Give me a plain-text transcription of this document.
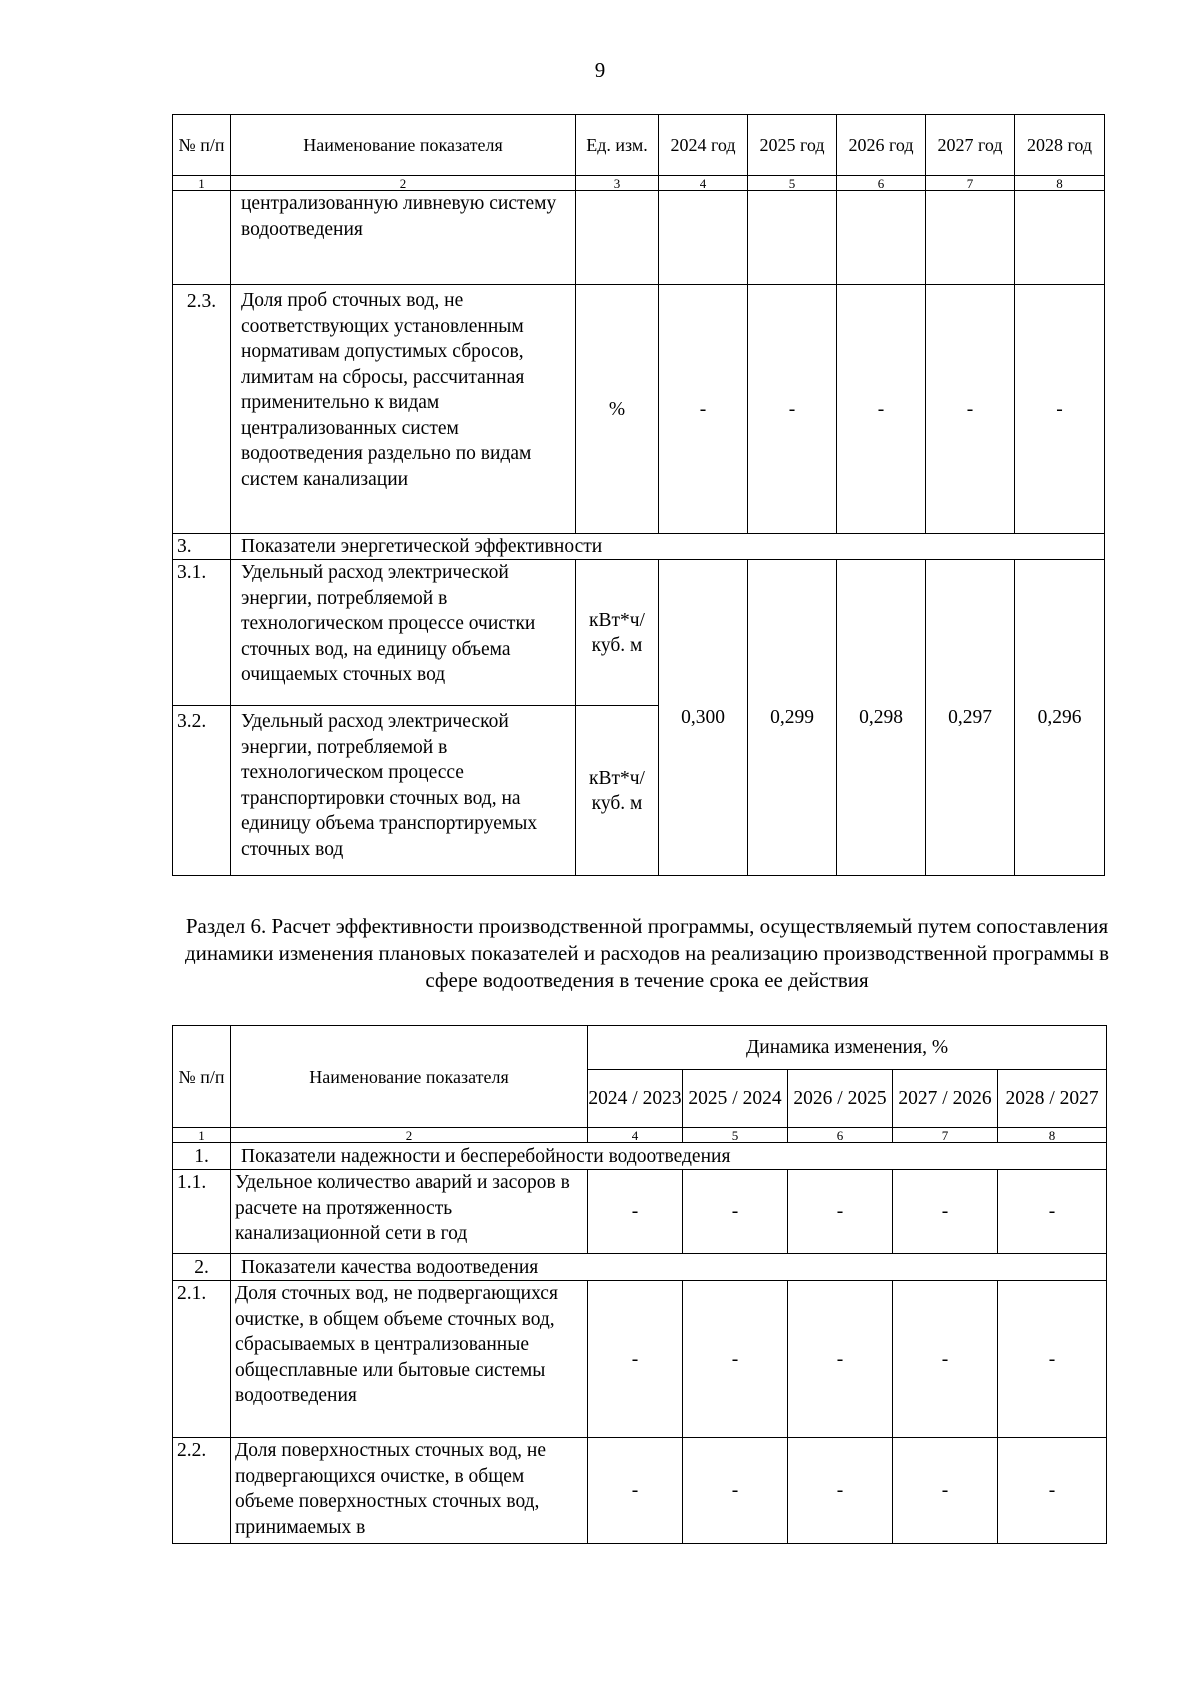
9
№ п/п	Наименование показателя	Ед. изм.	2024 год	2025 год	2026 год	2027 год	2028 год
1	2	3	4	5	6	7	8
	централизованную ливневую систему водоотведения						
2.3.	Доля проб сточных вод, не соответствующих установленным нормативам допустимых сбросов, лимитам на сбросы, рассчитанная применительно к видам централизованных систем водоотведения раздельно по видам систем канализации	%	-	-	-	-	-
3.	Показатели энергетической эффективности						
3.1.	Удельный расход электрической энергии, потребляемой в технологическом процессе очистки сточных вод, на единицу объема очищаемых сточных вод	кВт*ч/ куб. м	0,300	0,299	0,298	0,297	0,296
3.2.	Удельный расход электрической энергии, потребляемой в технологическом процессе транспортировки сточных вод, на единицу объема транспортируемых сточных вод	кВт*ч/ куб. м					
Раздел 6. Расчет эффективности производственной программы, осуществляемый путем сопоставления динамики изменения плановых показателей и расходов на реализацию производственной программы в сфере водоотведения в течение срока ее действия
№ п/п	Наименование показателя	Динамика изменения, %				
		2024 / 2023	2025 / 2024	2026 / 2025	2027 / 2026	2028 / 2027
1	2	4	5	6	7	8
1.	Показатели надежности и бесперебойности водоотведения					
1.1.	Удельное количество аварий и засоров в расчете на протяженность канализационной сети в год	-	-	-	-	-
2.	Показатели качества водоотведения					
2.1.	Доля сточных вод, не подвергающихся очистке, в общем объеме сточных вод, сбрасываемых в централизованные общесплавные или бытовые системы водоотведения	-	-	-	-	-
2.2.	Доля поверхностных сточных вод, не подвергающихся очистке, в общем объеме поверхностных сточных вод, принимаемых в	-	-	-	-	-
